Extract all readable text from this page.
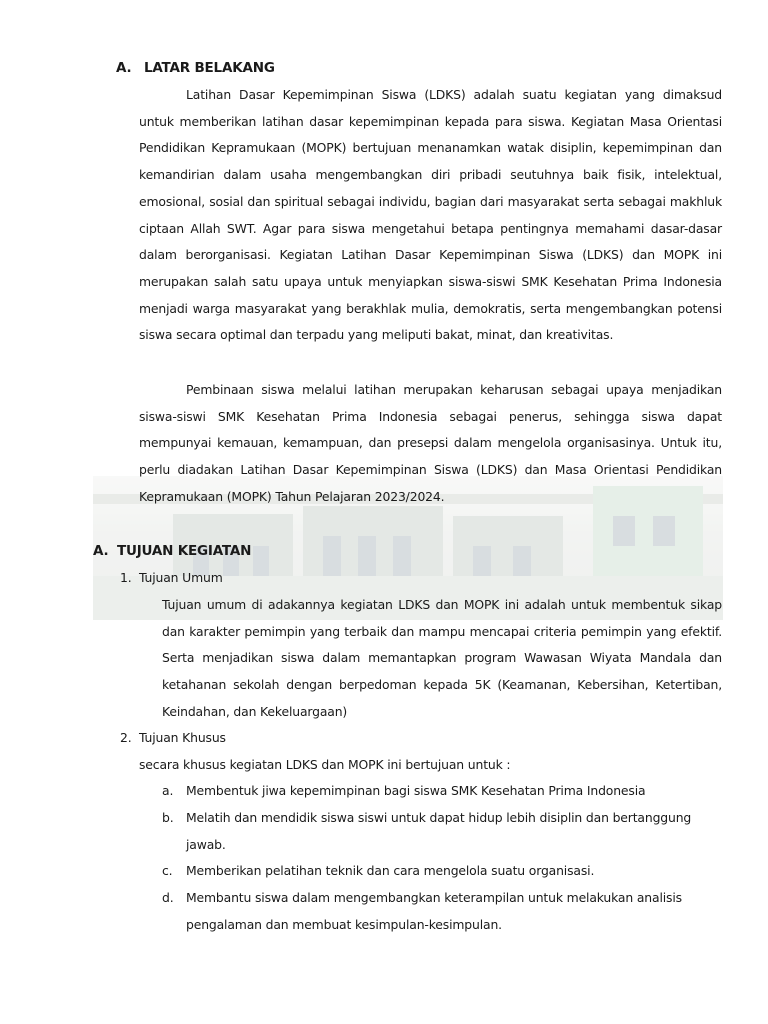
A. LATAR BELAKANG

Latihan Dasar Kepemimpinan Siswa (LDKS) adalah suatu kegiatan yang dimaksud untuk memberikan latihan dasar kepemimpinan kepada para siswa. Kegiatan Masa Orientasi Pendidikan Kepramukaan (MOPK) bertujuan menanamkan watak disiplin, kepemimpinan dan kemandirian dalam usaha mengembangkan diri pribadi seutuhnya baik fisik, intelektual, emosional, sosial dan spiritual sebagai individu, bagian dari masyarakat serta sebagai makhluk ciptaan Allah SWT. Agar para siswa mengetahui betapa pentingnya memahami dasar-dasar dalam berorganisasi. Kegiatan Latihan Dasar Kepemimpinan Siswa (LDKS) dan MOPK ini merupakan salah satu upaya untuk menyiapkan siswa-siswi SMK Kesehatan Prima Indonesia menjadi warga masyarakat yang berakhlak mulia, demokratis, serta mengembangkan potensi siswa secara optimal dan terpadu yang meliputi bakat, minat, dan kreativitas.

Pembinaan siswa melalui latihan merupakan keharusan sebagai upaya menjadikan siswa-siswi SMK Kesehatan Prima Indonesia sebagai penerus, sehingga siswa dapat mempunyai kemauan, kemampuan, dan presepsi dalam mengelola organisasinya. Untuk itu, perlu diadakan Latihan Dasar Kepemimpinan Siswa (LDKS) dan Masa Orientasi Pendidikan Kepramukaan (MOPK) Tahun Pelajaran 2023/2024.

A. TUJUAN KEGIATAN
1. Tujuan Umum

Tujuan umum di adakannya kegiatan LDKS dan MOPK ini adalah untuk membentuk sikap dan karakter pemimpin yang terbaik dan mampu mencapai criteria pemimpin yang efektif. Serta menjadikan siswa dalam memantapkan program Wawasan Wiyata Mandala dan ketahanan sekolah dengan berpedoman kepada 5K (Keamanan, Kebersihan, Ketertiban, Keindahan, dan Kekeluargaan)

2. Tujuan Khusus
secara khusus kegiatan LDKS dan MOPK ini bertujuan untuk :
a. Membentuk jiwa kepemimpinan bagi siswa SMK Kesehatan Prima Indonesia
b. Melatih dan mendidik siswa siswi untuk dapat hidup lebih disiplin dan bertanggung
jawab.
c. Memberikan pelatihan teknik dan cara mengelola suatu organisasi.
d. Membantu siswa dalam mengembangkan keterampilan untuk melakukan analisis
pengalaman dan membuat kesimpulan-kesimpulan.
